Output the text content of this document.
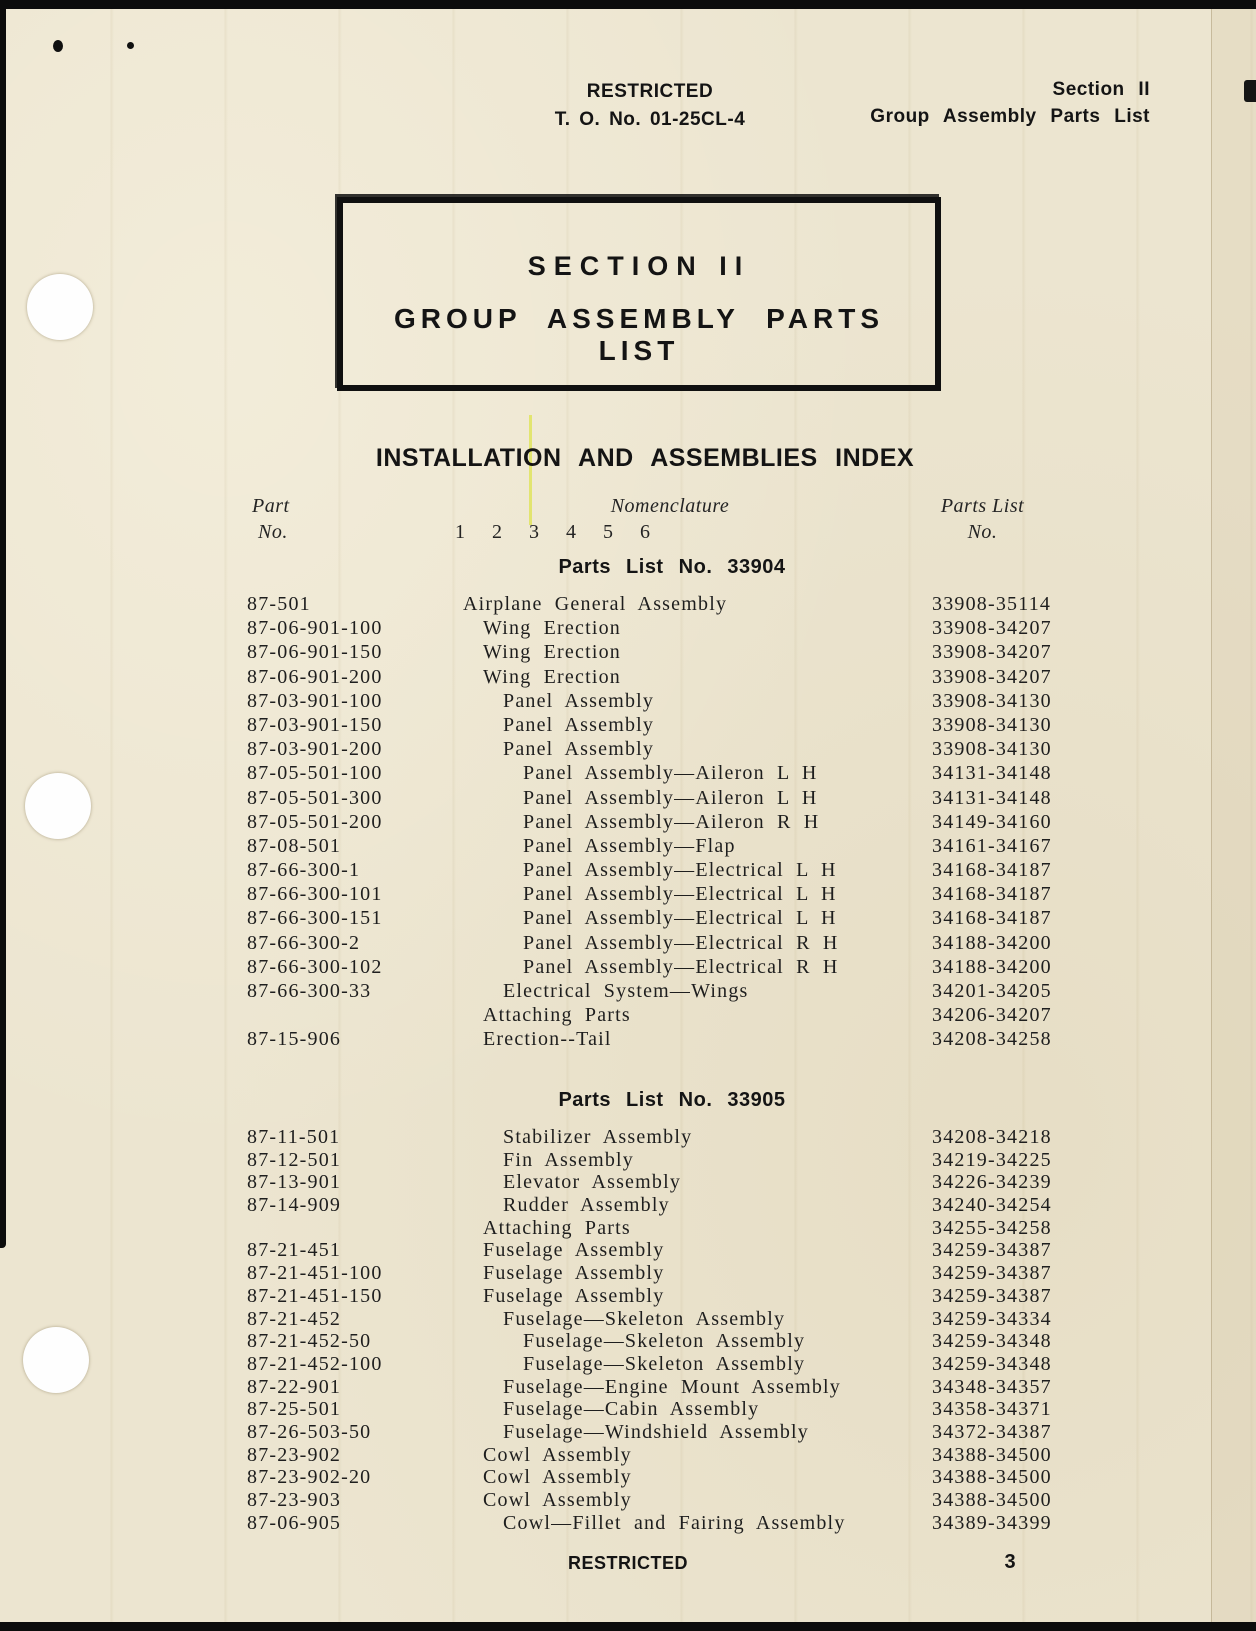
RESTRICTED
T. O. No. 01-25CL-4
Section II
Group Assembly Parts List
SECTION II
GROUP ASSEMBLY PARTS LIST
INSTALLATION AND ASSEMBLIES INDEX
Part
No.
Nomenclature
1 2 3 4 5 6
Parts List
No.
Parts List No. 33904
87-501	Airplane General Assembly	33908-35114
87-06-901-100	Wing Erection	33908-34207
87-06-901-150	Wing Erection	33908-34207
87-06-901-200	Wing Erection	33908-34207
87-03-901-100	Panel Assembly	33908-34130
87-03-901-150	Panel Assembly	33908-34130
87-03-901-200	Panel Assembly	33908-34130
87-05-501-100	Panel Assembly—Aileron L H	34131-34148
87-05-501-300	Panel Assembly—Aileron L H	34131-34148
87-05-501-200	Panel Assembly—Aileron R H	34149-34160
87-08-501	Panel Assembly—Flap	34161-34167
87-66-300-1	Panel Assembly—Electrical L H	34168-34187
87-66-300-101	Panel Assembly—Electrical L H	34168-34187
87-66-300-151	Panel Assembly—Electrical L H	34168-34187
87-66-300-2	Panel Assembly—Electrical R H	34188-34200
87-66-300-102	Panel Assembly—Electrical R H	34188-34200
87-66-300-33	Electrical System—Wings	34201-34205
Attaching Parts	34206-34207
87-15-906	Erection--Tail	34208-34258
Parts List No. 33905
87-11-501	Stabilizer Assembly	34208-34218
87-12-501	Fin Assembly	34219-34225
87-13-901	Elevator Assembly	34226-34239
87-14-909	Rudder Assembly	34240-34254
Attaching Parts	34255-34258
87-21-451	Fuselage Assembly	34259-34387
87-21-451-100	Fuselage Assembly	34259-34387
87-21-451-150	Fuselage Assembly	34259-34387
87-21-452	Fuselage—Skeleton Assembly	34259-34334
87-21-452-50	Fuselage—Skeleton Assembly	34259-34348
87-21-452-100	Fuselage—Skeleton Assembly	34259-34348
87-22-901	Fuselage—Engine Mount Assembly	34348-34357
87-25-501	Fuselage—Cabin Assembly	34358-34371
87-26-503-50	Fuselage—Windshield Assembly	34372-34387
87-23-902	Cowl Assembly	34388-34500
87-23-902-20	Cowl Assembly	34388-34500
87-23-903	Cowl Assembly	34388-34500
87-06-905	Cowl—Fillet and Fairing Assembly	34389-34399
RESTRICTED	3
